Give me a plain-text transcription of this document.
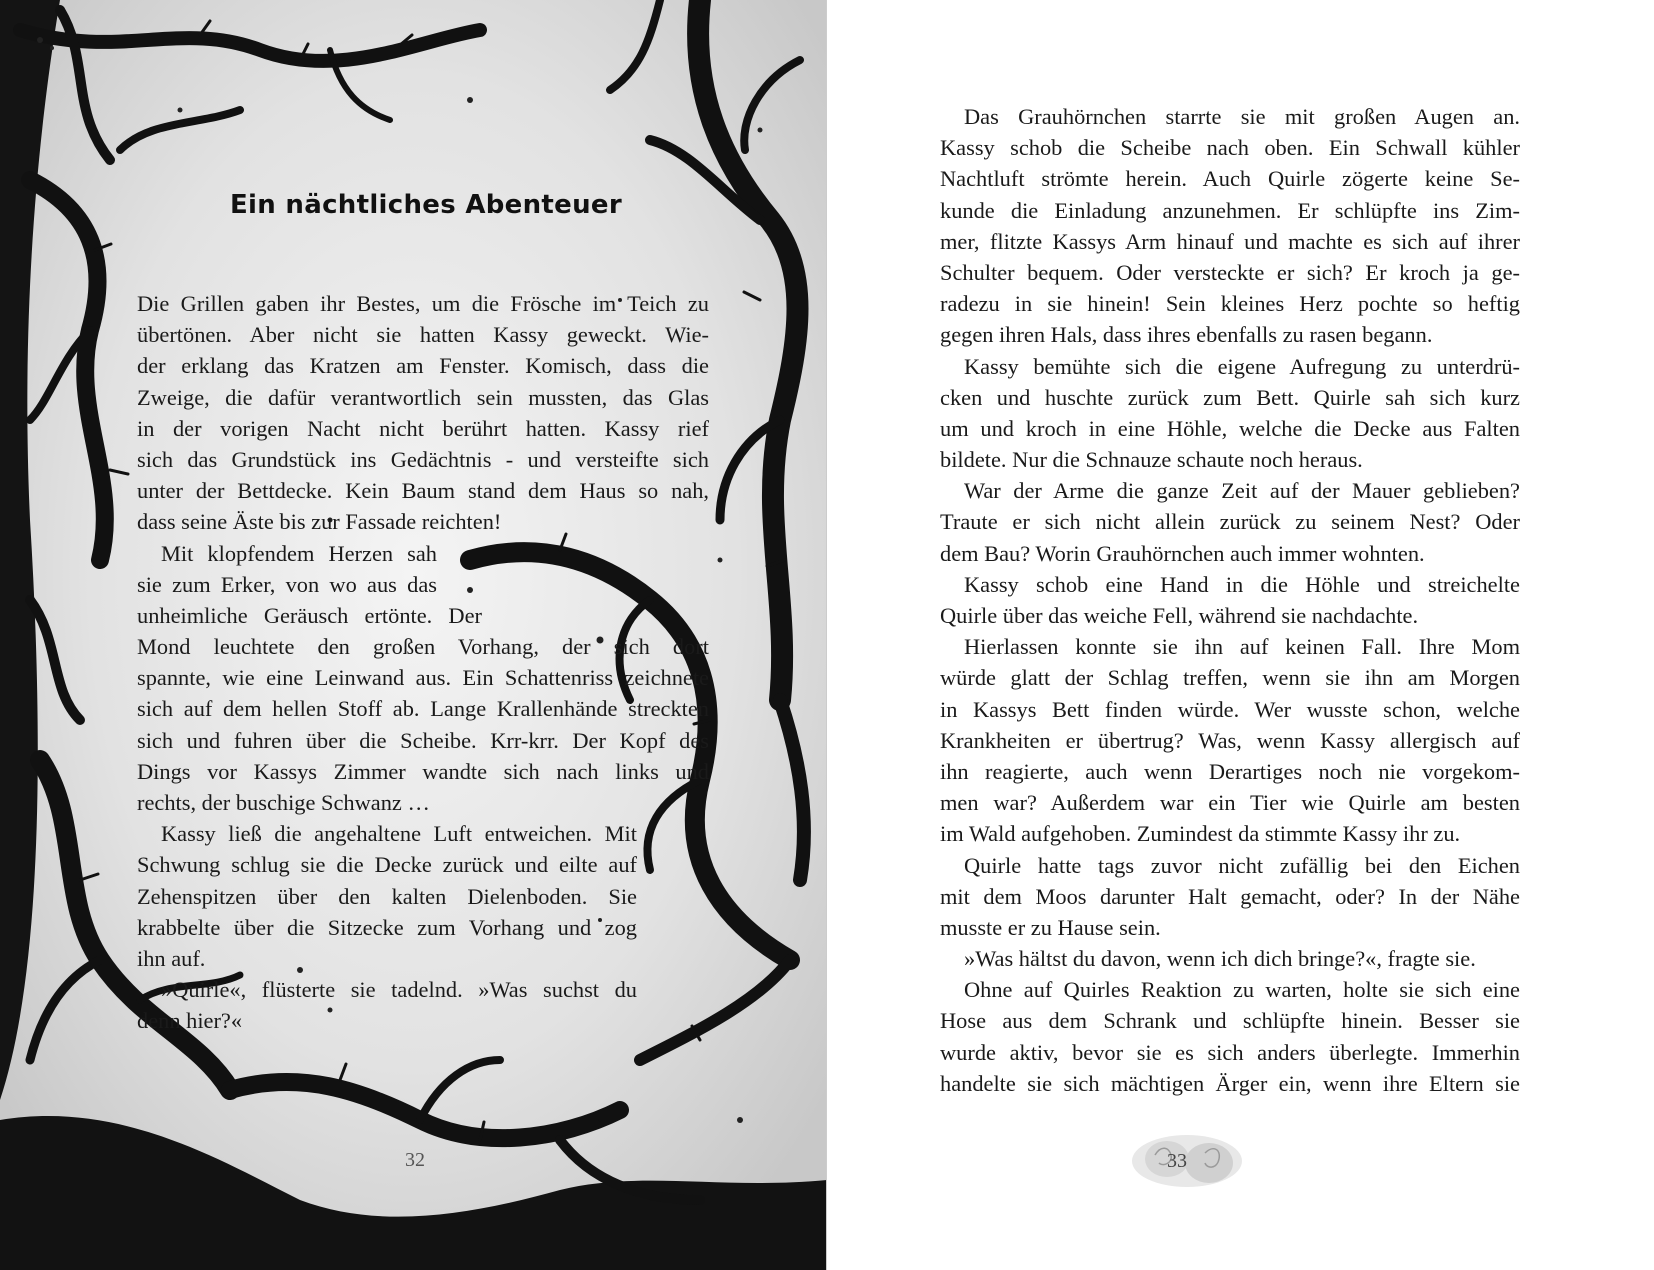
Ein nächtliches Abenteuer
Die Grillen gaben ihr Bestes, um die Frösche im Teich zu
übertönen. Aber nicht sie hatten Kassy geweckt. Wie-
der erklang das Kratzen am Fenster. Komisch, dass die
Zweige, die dafür verantwortlich sein mussten, das Glas
in der vorigen Nacht nicht berührt hatten. Kassy rief
sich das Grundstück ins Gedächtnis - und versteifte sich
unter der Bettdecke. Kein Baum stand dem Haus so nah,
dass seine Äste bis zur Fassade reichten!
Mit klopfendem Herzen sah
sie zum Erker, von wo aus das
unheimliche Geräusch ertönte. Der
Mond leuchtete den großen Vorhang, der sich dort
spannte, wie eine Leinwand aus. Ein Schattenriss zeichnete
sich auf dem hellen Stoff ab. Lange Krallenhände streckten
sich und fuhren über die Scheibe. Krr-krr. Der Kopf des
Dings vor Kassys Zimmer wandte sich nach links und
rechts, der buschige Schwanz …
Kassy ließ die angehaltene Luft entweichen. Mit
Schwung schlug sie die Decke zurück und eilte auf
Zehenspitzen über den kalten Dielenboden. Sie
krabbelte über die Sitzecke zum Vorhang und zog
ihn auf.
»Quirle«, flüsterte sie tadelnd. »Was suchst du
denn hier?«
32
Das Grauhörnchen starrte sie mit großen Augen an.
Kassy schob die Scheibe nach oben. Ein Schwall kühler
Nachtluft strömte herein. Auch Quirle zögerte keine Se-
kunde die Einladung anzunehmen. Er schlüpfte ins Zim-
mer, flitzte Kassys Arm hinauf und machte es sich auf ihrer
Schulter bequem. Oder versteckte er sich? Er kroch ja ge-
radezu in sie hinein! Sein kleines Herz pochte so heftig
gegen ihren Hals, dass ihres ebenfalls zu rasen begann.
Kassy bemühte sich die eigene Aufregung zu unterdrü-
cken und huschte zurück zum Bett. Quirle sah sich kurz
um und kroch in eine Höhle, welche die Decke aus Falten
bildete. Nur die Schnauze schaute noch heraus.
War der Arme die ganze Zeit auf der Mauer geblieben?
Traute er sich nicht allein zurück zu seinem Nest? Oder
dem Bau? Worin Grauhörnchen auch immer wohnten.
Kassy schob eine Hand in die Höhle und streichelte
Quirle über das weiche Fell, während sie nachdachte.
Hierlassen konnte sie ihn auf keinen Fall. Ihre Mom
würde glatt der Schlag treffen, wenn sie ihn am Morgen
in Kassys Bett finden würde. Wer wusste schon, welche
Krankheiten er übertrug? Was, wenn Kassy allergisch auf
ihn reagierte, auch wenn Derartiges noch nie vorgekom-
men war? Außerdem war ein Tier wie Quirle am besten
im Wald aufgehoben. Zumindest da stimmte Kassy ihr zu.
Quirle hatte tags zuvor nicht zufällig bei den Eichen
mit dem Moos darunter Halt gemacht, oder? In der Nähe
musste er zu Hause sein.
»Was hältst du davon, wenn ich dich bringe?«, fragte sie.
Ohne auf Quirles Reaktion zu warten, holte sie sich eine
Hose aus dem Schrank und schlüpfte hinein. Besser sie
wurde aktiv, bevor sie es sich anders überlegte. Immerhin
handelte sie sich mächtigen Ärger ein, wenn ihre Eltern sie
33
